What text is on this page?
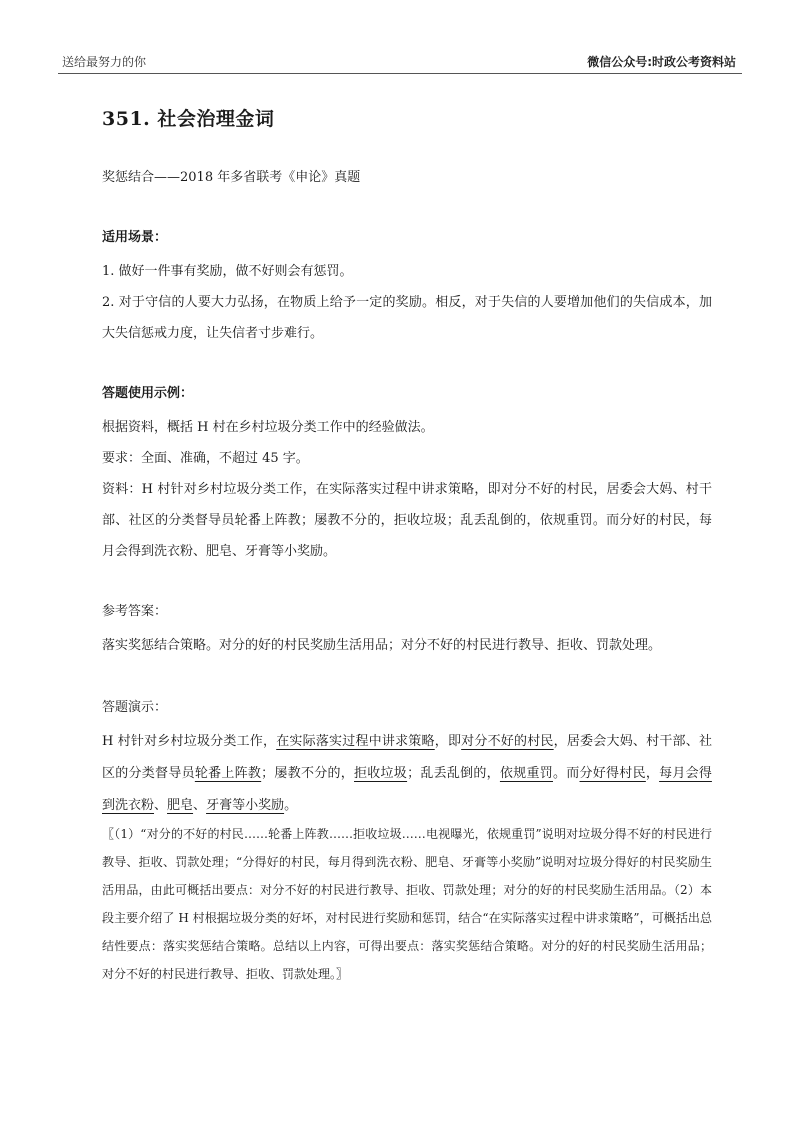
送给最努力的你	微信公众号:时政公考资料站
351. 社会治理金词
奖惩结合——2018 年多省联考《申论》真题
适用场景：
1. 做好一件事有奖励，做不好则会有惩罚。
2. 对于守信的人要大力弘扬，在物质上给予一定的奖励。相反，对于失信的人要增加他们的失信成本，加大失信惩戒力度，让失信者寸步难行。
答题使用示例：
根据资料，概括 H 村在乡村垃圾分类工作中的经验做法。
要求：全面、准确，不超过 45 字。
资料：H 村针对乡村垃圾分类工作，在实际落实过程中讲求策略，即对分不好的村民，居委会大妈、村干部、社区的分类督导员轮番上阵教；屡教不分的，拒收垃圾；乱丢乱倒的，依规重罚。而分好的村民，每月会得到洗衣粉、肥皂、牙膏等小奖励。
参考答案：
落实奖惩结合策略。对分的好的村民奖励生活用品；对分不好的村民进行教导、拒收、罚款处理。
答题演示：
H 村针对乡村垃圾分类工作，在实际落实过程中讲求策略，即对分不好的村民，居委会大妈、村干部、社区的分类督导员轮番上阵教；屡教不分的，拒收垃圾；乱丢乱倒的，依规重罚。而分好得村民，每月会得到洗衣粉、肥皂、牙膏等小奖励。
〖（1）“对分的不好的村民……轮番上阵教……拒收垃圾……电视曝光，依规重罚”说明对垃圾分得不好的村民进行教导、拒收、罚款处理；“分得好的村民，每月得到洗衣粉、肥皂、牙膏等小奖励”说明对垃圾分得好的村民奖励生活用品，由此可概括出要点：对分不好的村民进行教导、拒收、罚款处理；对分的好的村民奖励生活用品。（2）本段主要介绍了 H 村根据垃圾分类的好坏，对村民进行奖励和惩罚，结合“在实际落实过程中讲求策略”，可概括出总结性要点：落实奖惩结合策略。总结以上内容，可得出要点：落实奖惩结合策略。对分的好的村民奖励生活用品；对分不好的村民进行教导、拒收、罚款处理。〗
